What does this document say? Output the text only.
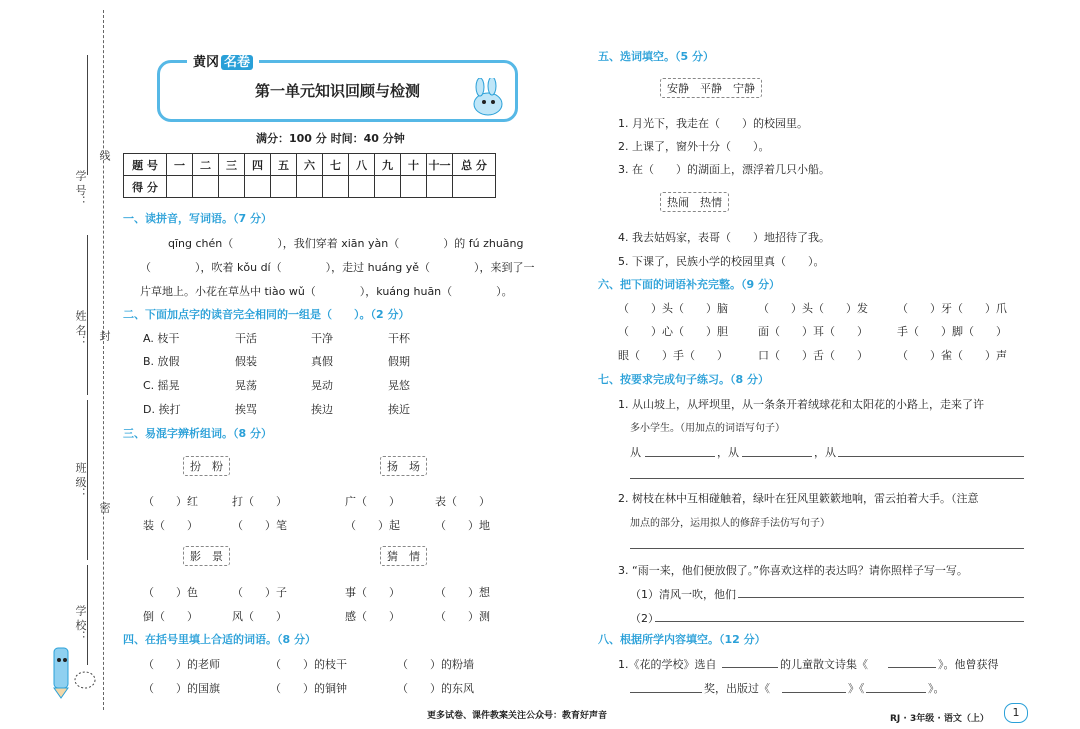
学 号：
线
姓 名： 封
班 级：
密
学 校：
第一单元知识回顾与检测
黄冈 名卷
满分：100 分 时间：40 分钟
题 号	一	二	三	四	五	六	七	八	九	十	十一	总 分
得 分												
一、读拼音，写词语。（7 分）
qīng chén（　　　　），我们穿着 xiān yàn（　　　　）的 fú zhuāng
（　　　　），吹着 kǒu dí（　　　　），走过 huáng yě（　　　　），来到了一
片草地上。小花在草丛中 tiào wǔ（　　　　），kuáng huān（　　　　）。
二、下面加点字的读音完全相同的一组是（　　）。（2 分）
A. 枝干	干活	干净	干杯
B. 放假	假装	真假	假期
C. 摇晃	晃荡	晃动	晃悠
D. 挨打	挨骂	挨边	挨近
三、易混字辨析组词。（8 分）
扮　粉	扬　场
（　　）红	打（　　）	广（　　）	表（　　）
装（　　）	（　　）笔	（　　）起	（　　）地
影　景	猜　情
（　　）色	（　　）子	事（　　）	（　　）想
倒（　　）	风（　　）	感（　　）	（　　）测
四、在括号里填上合适的词语。（8 分）
（　　）的老师	（　　）的枝干	（　　）的粉墙
（　　）的国旗	（　　）的铜钟	（　　）的东风
五、选词填空。（5 分）
安静　平静　宁静
1. 月光下，我走在（　　）的校园里。
2. 上课了，窗外十分（　　）。
3. 在（　　）的湖面上，漂浮着几只小船。
热闹　热情
4. 我去姑妈家，表哥（　　）地招待了我。
5. 下课了，民族小学的校园里真（　　）。
六、把下面的词语补充完整。（9 分）
（　　）头（　　）脑	（　　）头（　　）发	（　　）牙（　　）爪
（　　）心（　　）胆	面（　　）耳（　　）	手（　　）脚（　　）
眼（　　）手（　　）	口（　　）舌（　　）	（　　）雀（　　）声
七、按要求完成句子练习。（8 分）
1. 从山坡上，从坪坝里，从一条条开着绒球花和太阳花的小路上，走来了许
多小学生。（用加点的词语写句子）
从	，从	，从
2. 树枝在林中互相碰触着，绿叶在狂风里簌簌地响，雷云拍着大手。（注意
加点的部分，运用拟人的修辞手法仿写句子）
3. “雨一来，他们便放假了。”你喜欢这样的表达吗？请你照样子写一写。
（1）清风一吹，他们
（2）
八、根据所学内容填空。（12 分）
1.《花的学校》选自	的儿童散文诗集《	》。他曾获得
奖，出版过《	》《	》。
更多试卷、课件教案关注公众号：教育好声音	RJ · 3年级 · 语文（上）	1
